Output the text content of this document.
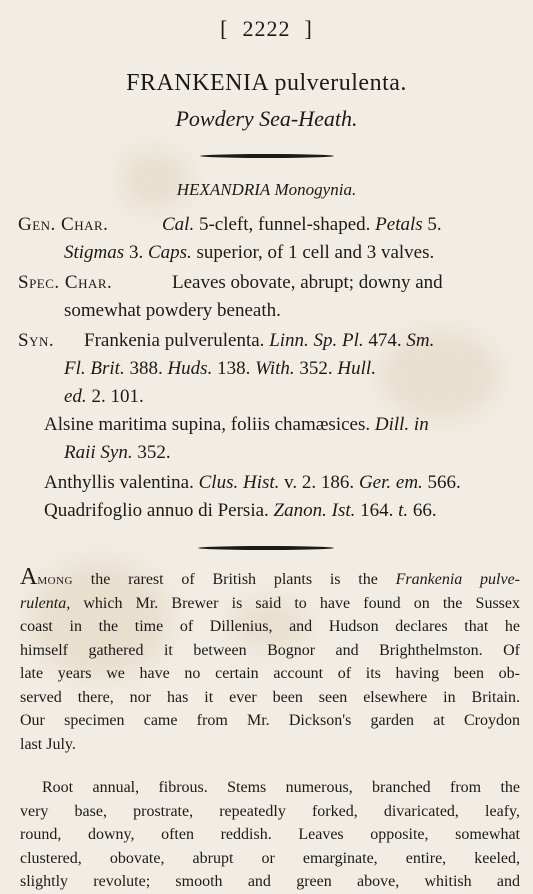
[ 2222 ]
FRANKENIA pulverulenta.
Powdery Sea-Heath.
HEXANDRIA Monogynia.
Gen. Char.	Cal. 5-cleft, funnel-shaped. Petals 5.
Stigmas 3. Caps. superior, of 1 cell and 3 valves.
Spec. Char.	Leaves obovate, abrupt; downy and
somewhat powdery beneath.
Syn. Frankenia pulverulenta. Linn. Sp. Pl. 474. Sm.
Fl. Brit. 388. Huds. 138. With. 352. Hull.
ed. 2. 101.
Alsine maritima supina, foliis chamæsices. Dill. in
Raii Syn. 352.
Anthyllis valentina. Clus. Hist. v. 2. 186. Ger. em. 566.
Quadrifoglio annuo di Persia. Zanon. Ist. 164. t. 66.

Among the rarest of British plants is the Frankenia pulve-

rulenta, which Mr. Brewer is said to have found on the Sussex

coast in the time of Dillenius, and Hudson declares that he

himself gathered it between Bognor and Brighthelmston. Of

late years we have no certain account of its having been ob-

served there, nor has it ever been seen elsewhere in Britain.

Our specimen came from Mr. Dickson's garden at Croydon

last July.

Root annual, fibrous. Stems numerous, branched from the

very base, prostrate, repeatedly forked, divaricated, leafy,

round, downy, often reddish. Leaves opposite, somewhat

clustered, obovate, abrupt or emarginate, entire, keeled,

slightly revolute; smooth and green above, whitish and
